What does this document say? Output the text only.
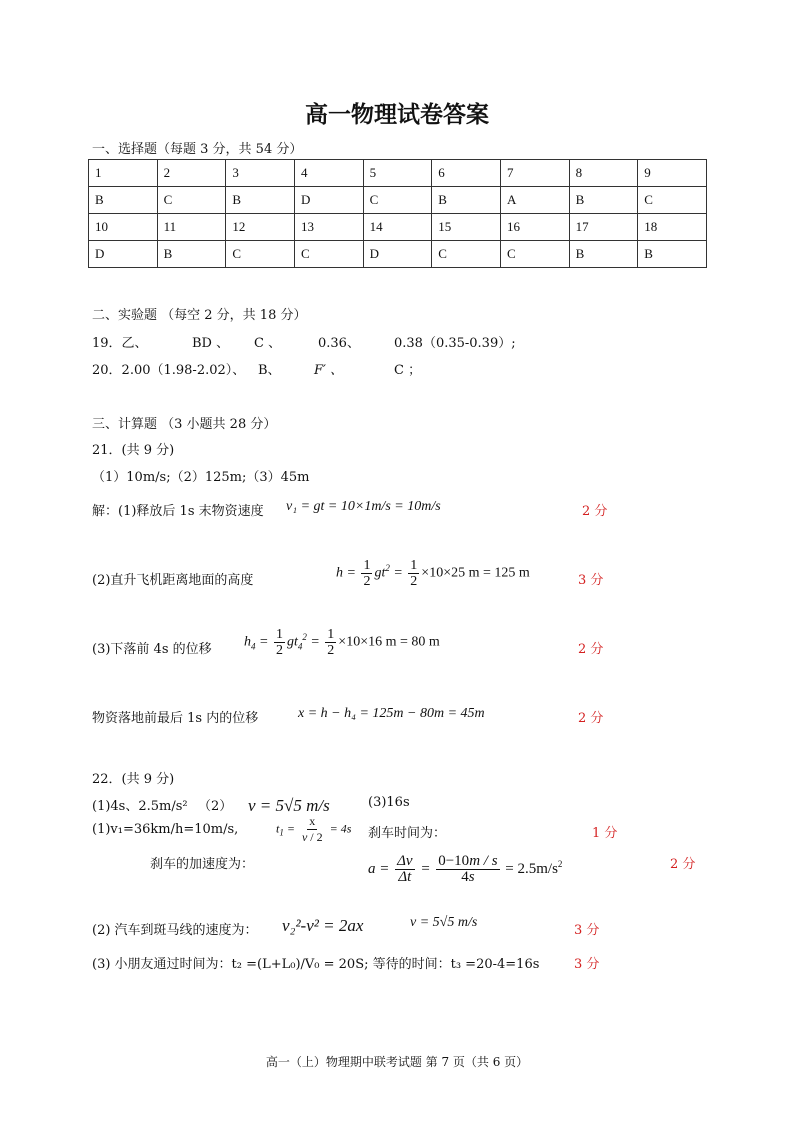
高一物理试卷答案
一、选择题（每题 3 分，共 54 分）
1	2	3	4	5	6	7	8	9
B	C	B	D	C	B	A	B	C
10	11	12	13	14	15	16	17	18
D	B	C	C	D	C	C	B	B
二、实验题 （每空 2 分，共 18 分）
19．乙、	BD 、 C 、	0.36、	0.38（0.35-0.39）;
20．2.00（1.98-2.02）、 B、	F′ 、	C ；
三、计算题 （3 小题共 28 分）
21．(共 9 分)
（1）10m/s;（2）125m;（3）45m
解：(1)释放后 1s 末物资速度 v₁ = gt = 10×1m/s = 10m/s	2 分
(2)直升飞机距离地面的高度	$h = \frac{1}{2} gt^2 = \frac{1}{2} \times 10\times 25$ m = 125 m	3 分
(3)下落前 4s 的位移 $h_4 = \frac{1}{2} gt_4^2 = \frac{1}{2} \times 10\times 16$ m = 80 m	2 分
物资落地前最后 1s 内的位移	x = h − h₄ = 125m − 80m = 45m	2 分
22．(共 9 分)
(1)4s、2.5m/s² （2） v = 5√5 m/s	(3)16s
(1)v₁=36km/h=10m/s,	$t_1 = \frac{x}{v / 2} = 4s$ 刹车时间为：	1 分
刹车的加速度为：	$a = \frac{\Delta v}{\Delta t} = \frac{0-10m / s}{4s} = 2.5m/s^2$	2 分
(2) 汽车到斑马线的速度为： v₂²-v² = 2ax	v = 5√5 m/s
3 分
(3) 小朋友通过时间为：t₂ =(L+L₀)/V₀ = 20S; 等待的时间：t₃ =20-4=16s	3 分
高一（上）物理期中联考试题 第 7 页（共 6 页）
